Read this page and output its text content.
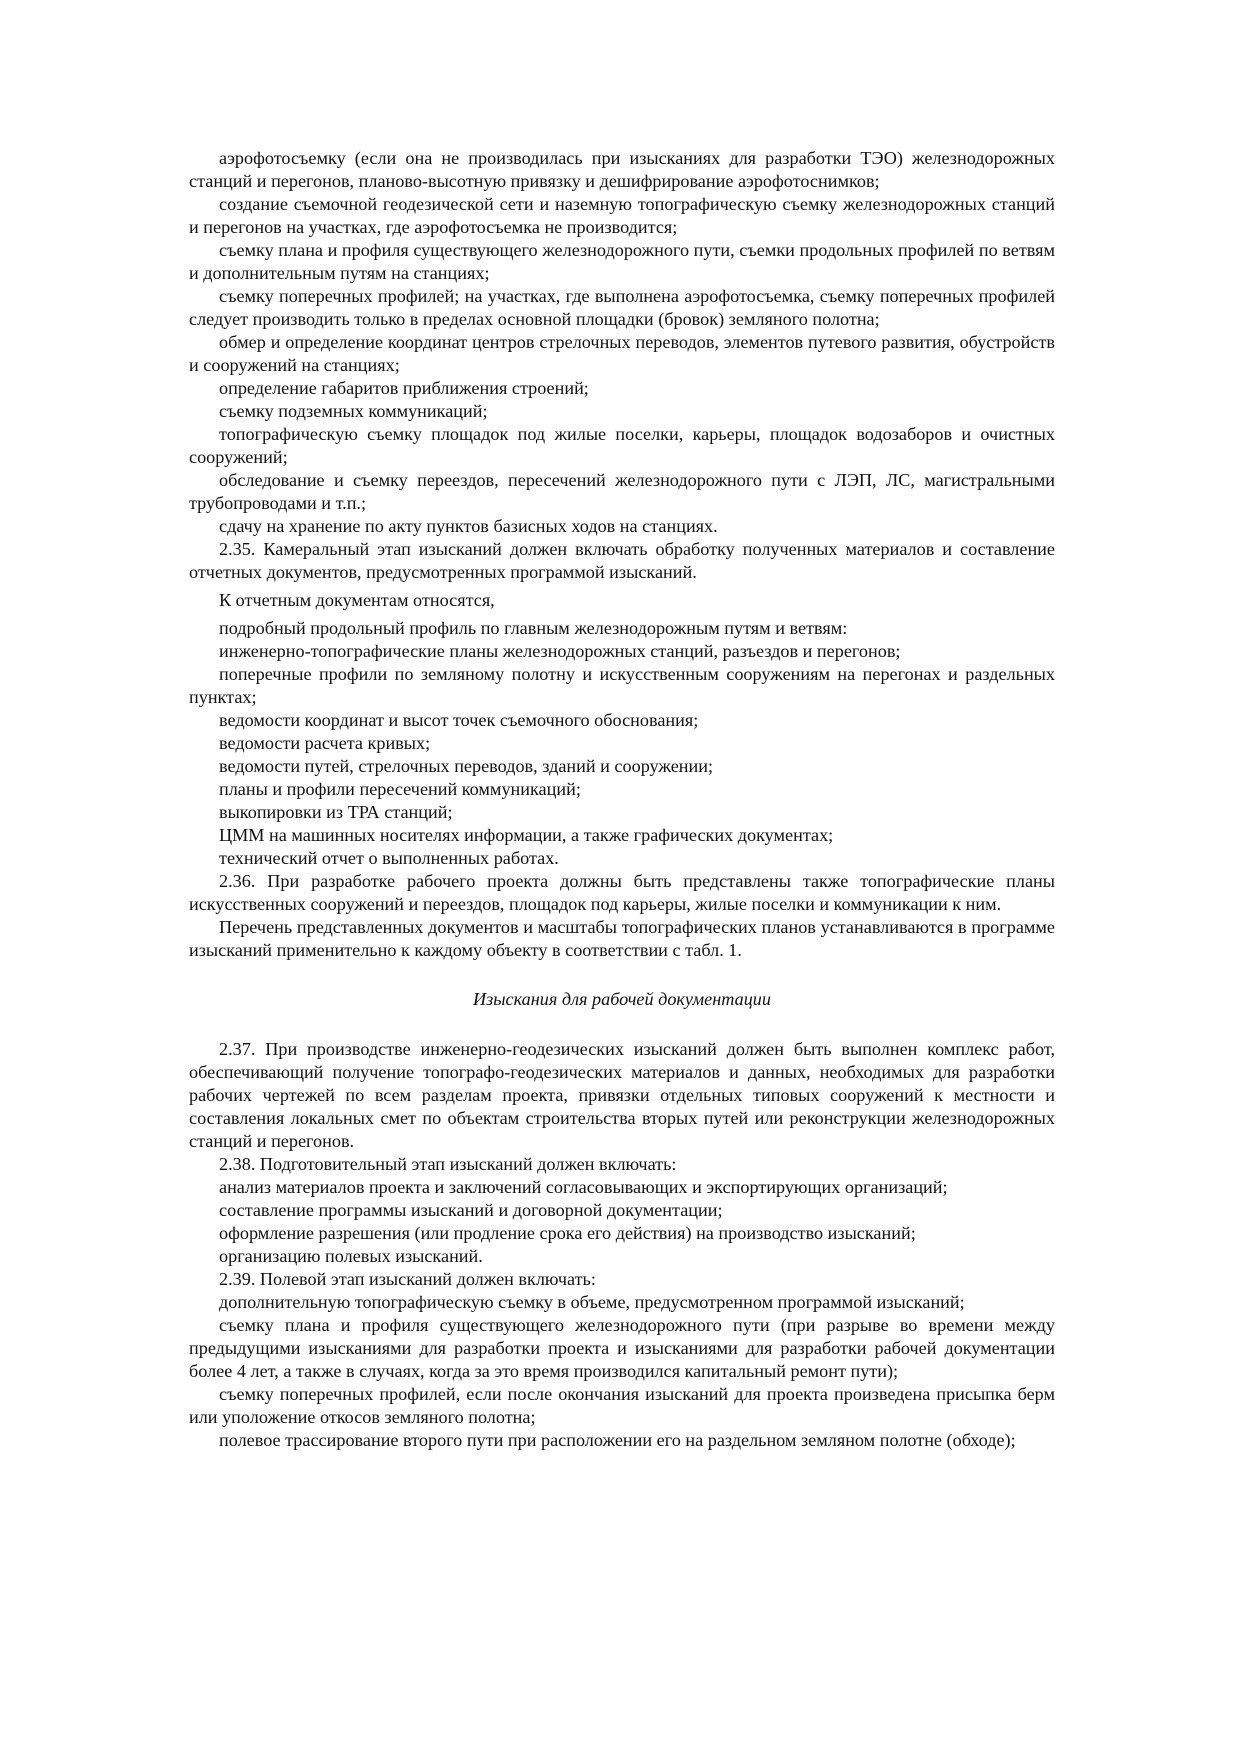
аэрофотосъемку (если она не производилась при изысканиях для разработки ТЭО) железнодорожных станций и перегонов, планово-высотную привязку и дешифрирование аэрофотоснимков;

создание съемочной геодезической сети и наземную топографическую съемку железнодорожных станций и перегонов на участках, где аэрофотосъемка не производится;

съемку плана и профиля существующего железнодорожного пути, съемки продольных профилей по ветвям и дополнительным путям на станциях;

съемку поперечных профилей; на участках, где выполнена аэрофотосъемка, съемку поперечных профилей следует производить только в пределах основной площадки (бровок) земляного полотна;

обмер и определение координат центров стрелочных переводов, элементов путевого развития, обустройств и сооружений на станциях;

определение габаритов приближения строений;

съемку подземных коммуникаций;

топографическую съемку площадок под жилые поселки, карьеры, площадок водозаборов и очистных сооружений;

обследование и съемку переездов, пересечений железнодорожного пути с ЛЭП, ЛС, магистральными трубопроводами и т.п.;

сдачу на хранение по акту пунктов базисных ходов на станциях.

2.35. Камеральный этап изысканий должен включать обработку полученных материалов и составление отчетных документов, предусмотренных программой изысканий.

К отчетным документам относятся,

подробный продольный профиль по главным железнодорожным путям и ветвям:

инженерно-топографические планы железнодорожных станций, разъездов и перегонов;

поперечные профили по земляному полотну и искусственным сооружениям на перегонах и раздельных пунктах;

ведомости координат и высот точек съемочного обоснования;

ведомости расчета кривых;

ведомости путей, стрелочных переводов, зданий и сооружении;

планы и профили пересечений коммуникаций;

выкопировки из ТРА станций;

ЦММ на машинных носителях информации, а также графических документах;

технический отчет о выполненных работах.

2.36. При разработке рабочего проекта должны быть представлены также топографические планы искусственных сооружений и переездов, площадок под карьеры, жилые поселки и коммуникации к ним.

Перечень представленных документов и масштабы топографических планов устанавливаются в программе изысканий применительно к каждому объекту в соответствии с табл. 1.

Изыскания для рабочей документации

2.37. При производстве инженерно-геодезических изысканий должен быть выполнен комплекс работ, обеспечивающий получение топографо-геодезических материалов и данных, необходимых для разработки рабочих чертежей по всем разделам проекта, привязки отдельных типовых сооружений к местности и составления локальных смет по объектам строительства вторых путей или реконструкции железнодорожных станций и перегонов.

2.38. Подготовительный этап изысканий должен включать:

анализ материалов проекта и заключений согласовывающих и экспортирующих организаций;

составление программы изысканий и договорной документации;

оформление разрешения (или продление срока его действия) на производство изысканий;

организацию полевых изысканий.

2.39. Полевой этап изысканий должен включать:

дополнительную топографическую съемку в объеме, предусмотренном программой изысканий;

съемку плана и профиля существующего железнодорожного пути (при разрыве во времени между предыдущими изысканиями для разработки проекта и изысканиями для разработки рабочей документации более 4 лет, а также в случаях, когда за это время производился капитальный ремонт пути);

съемку поперечных профилей, если после окончания изысканий для проекта произведена присыпка берм или уположение откосов земляного полотна;

полевое трассирование второго пути при расположении его на раздельном земляном полотне (обходе);
